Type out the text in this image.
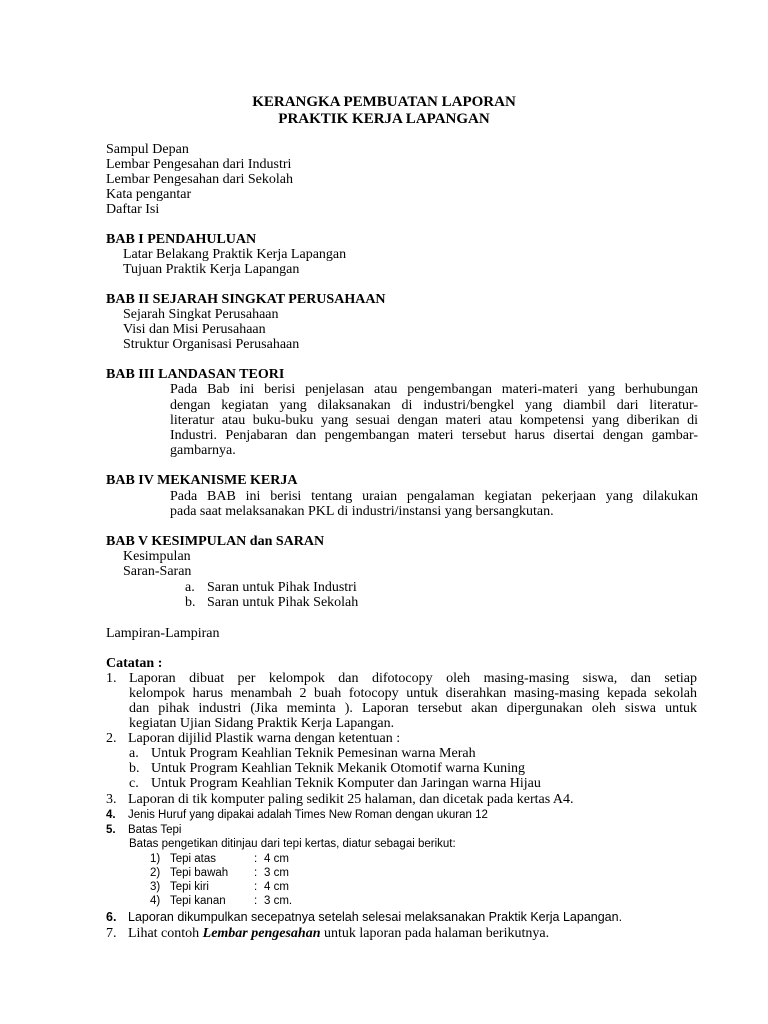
KERANGKA PEMBUATAN LAPORAN
PRAKTIK KERJA LAPANGAN
Sampul Depan
Lembar Pengesahan dari Industri
Lembar Pengesahan dari Sekolah
Kata pengantar
Daftar Isi
BAB I PENDAHULUAN
Latar Belakang Praktik Kerja Lapangan
Tujuan Praktik Kerja Lapangan
BAB II SEJARAH SINGKAT PERUSAHAAN
Sejarah Singkat Perusahaan
Visi dan Misi Perusahaan
Struktur Organisasi Perusahaan
BAB III LANDASAN TEORI
Pada Bab ini berisi penjelasan atau pengembangan materi-materi yang berhubungan
dengan kegiatan yang dilaksanakan di industri/bengkel yang diambil dari literatur-
literatur atau buku-buku yang sesuai dengan materi atau kompetensi yang diberikan di
Industri. Penjabaran dan pengembangan materi tersebut harus disertai dengan gambar-
gambarnya.
BAB IV MEKANISME KERJA
Pada BAB ini berisi tentang uraian pengalaman kegiatan pekerjaan yang dilakukan
pada saat melaksanakan PKL di industri/instansi yang bersangkutan.
BAB V KESIMPULAN dan SARAN
Kesimpulan
Saran-Saran
a. Saran untuk Pihak Industri
b. Saran untuk Pihak Sekolah
Lampiran-Lampiran
Catatan :
1. Laporan dibuat per kelompok dan difotocopy oleh masing-masing siswa, dan setiap
kelompok harus menambah 2 buah fotocopy untuk diserahkan masing-masing kepada sekolah
dan pihak industri (Jika meminta ). Laporan tersebut akan dipergunakan oleh siswa untuk
kegiatan Ujian Sidang Praktik Kerja Lapangan.
2. Laporan dijilid Plastik warna dengan ketentuan :
a. Untuk Program Keahlian Teknik Pemesinan warna Merah
b. Untuk Program Keahlian Teknik Mekanik Otomotif warna Kuning
c. Untuk Program Keahlian Teknik Komputer dan Jaringan warna Hijau
3. Laporan di tik komputer paling sedikit 25 halaman, dan dicetak pada kertas A4.
4. Jenis Huruf yang dipakai adalah Times New Roman dengan ukuran 12
5. Batas Tepi
Batas pengetikan ditinjau dari tepi kertas, diatur sebagai berikut:
1) Tepi atas	: 4 cm
2) Tepi bawah : 3 cm
3) Tepi kiri	: 4 cm
4) Tepi kanan : 3 cm.
6. Laporan dikumpulkan secepatnya setelah selesai melaksanakan Praktik Kerja Lapangan.
7. Lihat contoh Lembar pengesahan untuk laporan pada halaman berikutnya.
